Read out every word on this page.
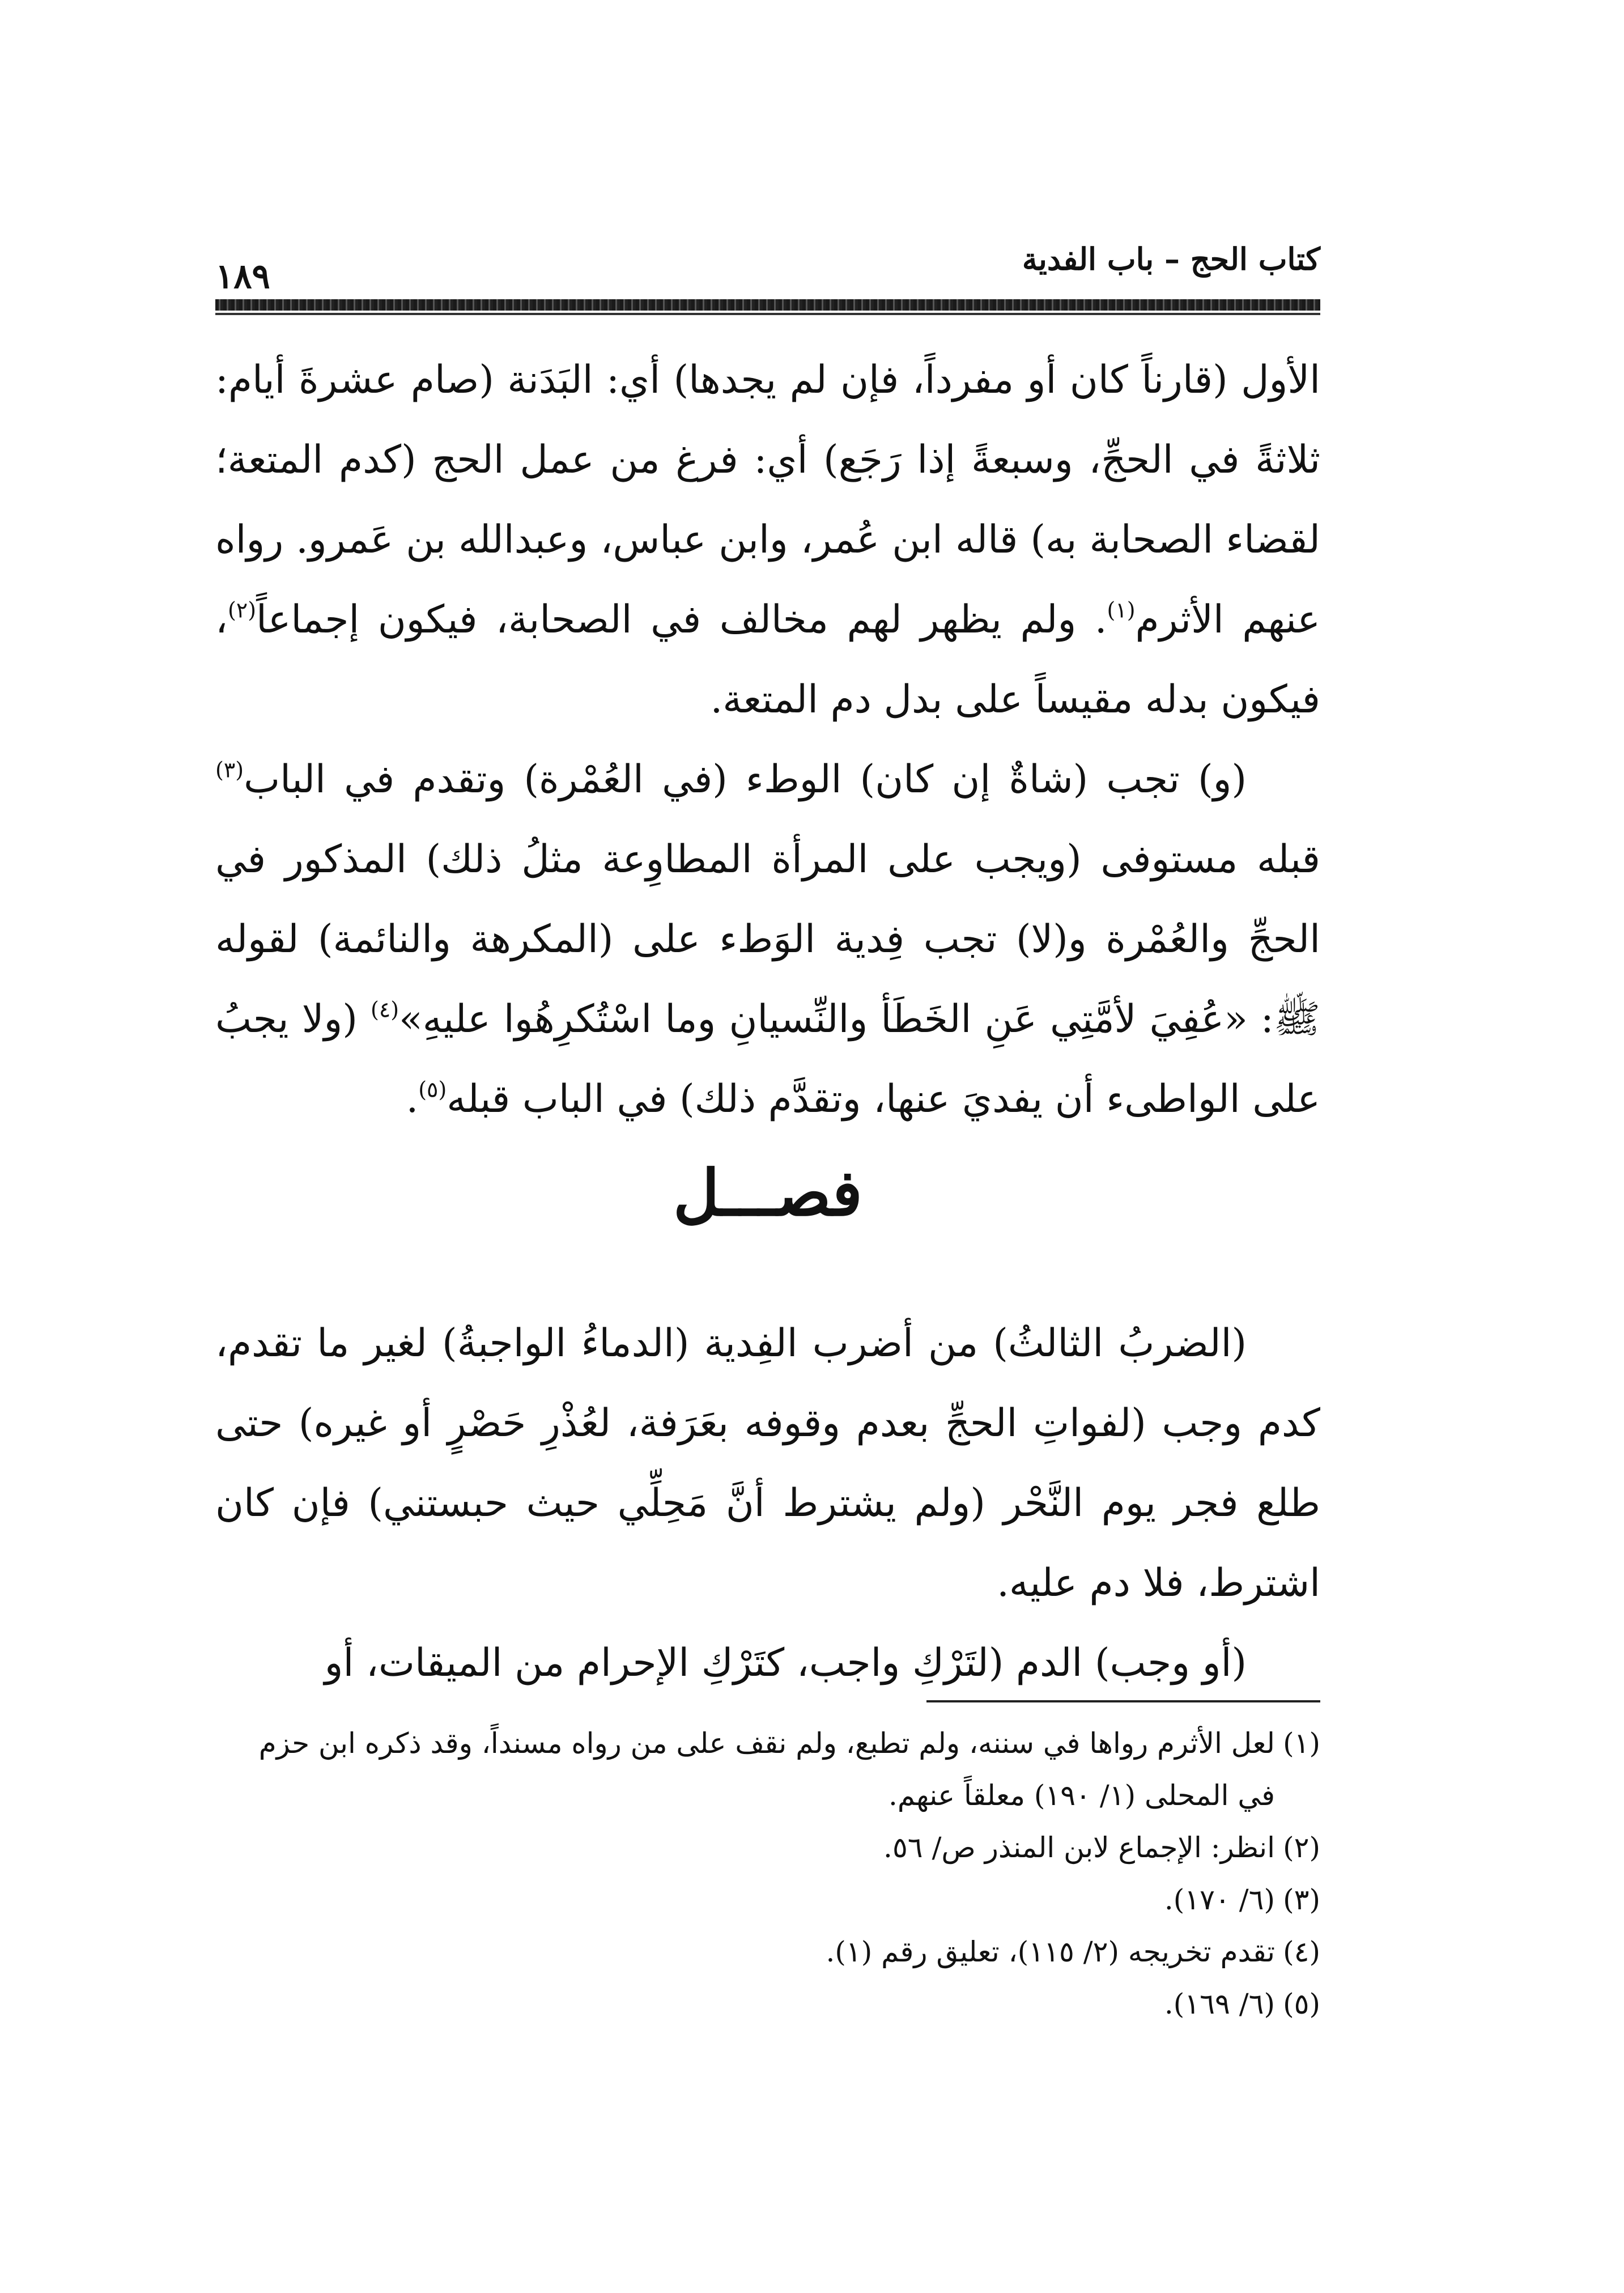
كتاب الحج – باب الفدية
١٨٩

الأول (قارناً كان أو مفرداً، فإن لم يجدها) أي: البَدَنة (صام عشرةَ أيام: ثلاثةً في الحجِّ، وسبعةً إذا رَجَع) أي: فرغ من عمل الحج (كدم المتعة؛ لقضاء الصحابة به) قاله ابن عُمر، وابن عباس، وعبدالله بن عَمرو. رواه عنهم الأثرم$^{(١)}$. ولم يظهر لهم مخالف في الصحابة، فيكون إجماعاً$^{(٢)}$، فيكون بدله مقيساً على بدل دم المتعة.

(و) تجب (شاةٌ إن كان) الوطء (في العُمْرة) وتقدم في الباب$^{(٣)}$ قبله مستوفى (ويجب على المرأة المطاوِعة مثلُ ذلك) المذكور في الحجِّ والعُمْرة و(لا) تجب فِدية الوَطء على (المكرهة والنائمة) لقوله ﷺ: «عُفِيَ لأمَّتِي عَنِ الخَطَأ والنِّسيانِ وما اسْتُكرِهُوا عليهِ»$^{(٤)}$ (ولا يجبُ على الواطىء أن يفديَ عنها، وتقدَّم ذلك) في الباب قبله$^{(٥)}$.

فصـــل

(الضربُ الثالثُ) من أضرب الفِدية (الدماءُ الواجبةُ) لغير ما تقدم، كدم وجب (لفواتِ الحجِّ بعدم وقوفه بعَرَفة، لعُذْرِ حَصْرٍ أو غيره) حتى طلع فجر يوم النَّحْر (ولم يشترط أنَّ مَحِلِّي حيث حبستني) فإن كان اشترط، فلا دم عليه.

(أو وجب) الدم (لتَرْكِ واجب، كتَرْكِ الإحرام من الميقات، أو

(١)
لعل الأثرم رواها في سننه، ولم تطبع، ولم نقف على من رواه مسنداً، وقد ذكره ابن حزم في المحلى (١/ ١٩٠) معلقاً عنهم.
(٢)
انظر: الإجماع لابن المنذر ص/ ٥٦.
(٣)
(٦/ ١٧٠).
(٤)
تقدم تخريجه (٢/ ١١٥)، تعليق رقم (١).
(٥)
(٦/ ١٦٩).
